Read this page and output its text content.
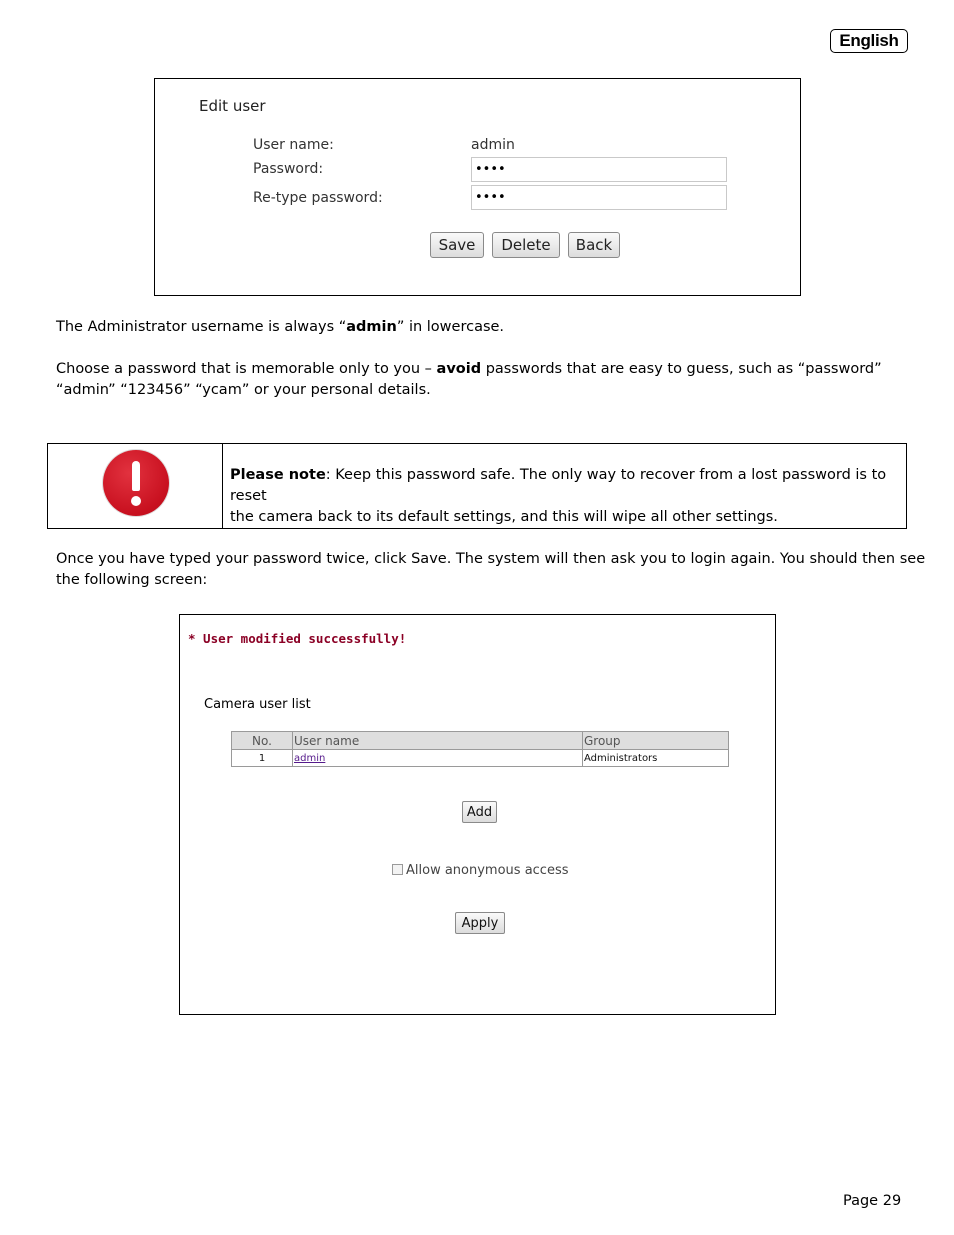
English
Edit user
User name:	admin
Password:	••••
Re-type password:	••••
Save	Delete	Back
The Administrator username is always “admin” in lowercase.
Choose a password that is memorable only to you – avoid passwords that are easy to guess, such as “password”
“admin” “123456” “ycam” or your personal details.
Please note: Keep this password safe. The only way to recover from a lost password is to reset
the camera back to its default settings, and this will wipe all other settings.
Once you have typed your password twice, click Save. The system will then ask you to login again. You should then see
the following screen:
* User modified successfully!
Camera user list
No.	User name	Group
1	admin	Administrators
Add
Allow anonymous access
Apply
Page 29
